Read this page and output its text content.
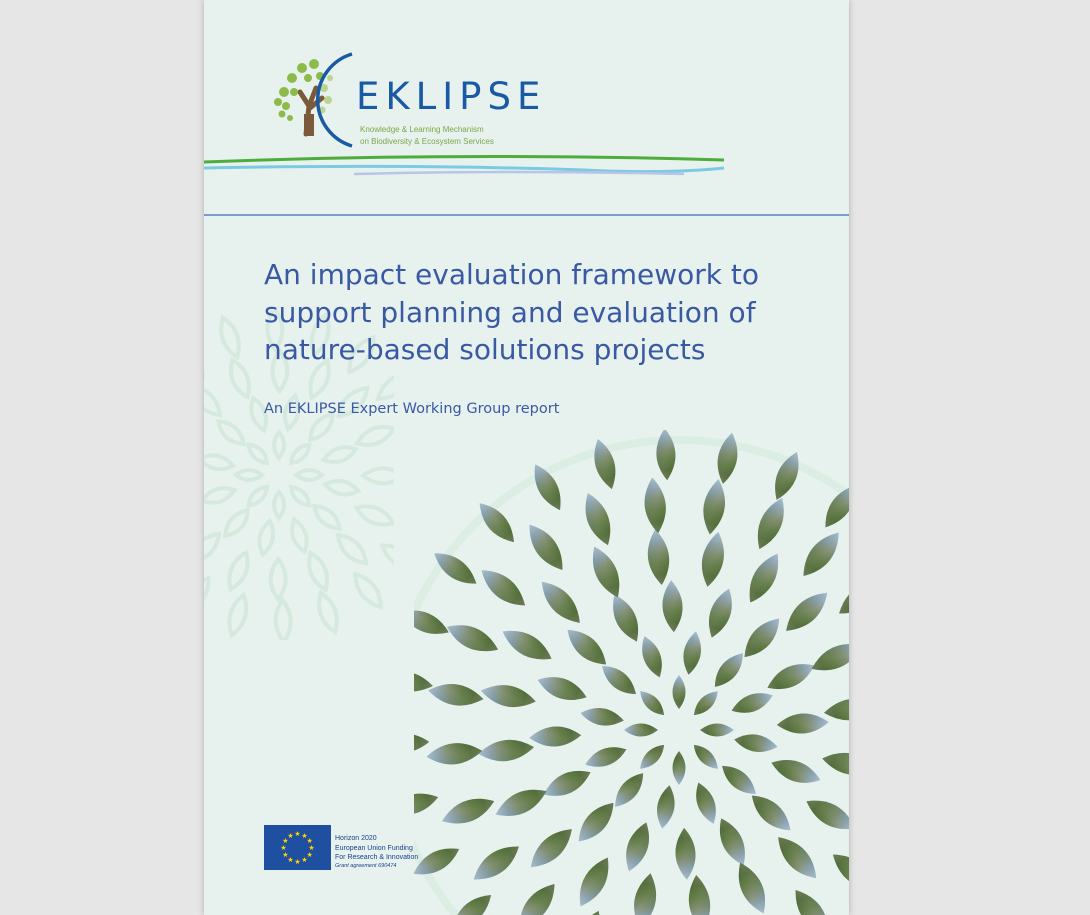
EKLIPSE
Knowledge & Learning Mechanism
on Biodiversity & Ecosystem Services
An impact evaluation framework to support planning and evaluation of nature-based solutions projects
An EKLIPSE Expert Working Group report
★
★
★
★
★
★
★
★
★ ★ ★
★	Horizon 2020
European Union Funding
For Research & Innovation
Grant agreement 690474
